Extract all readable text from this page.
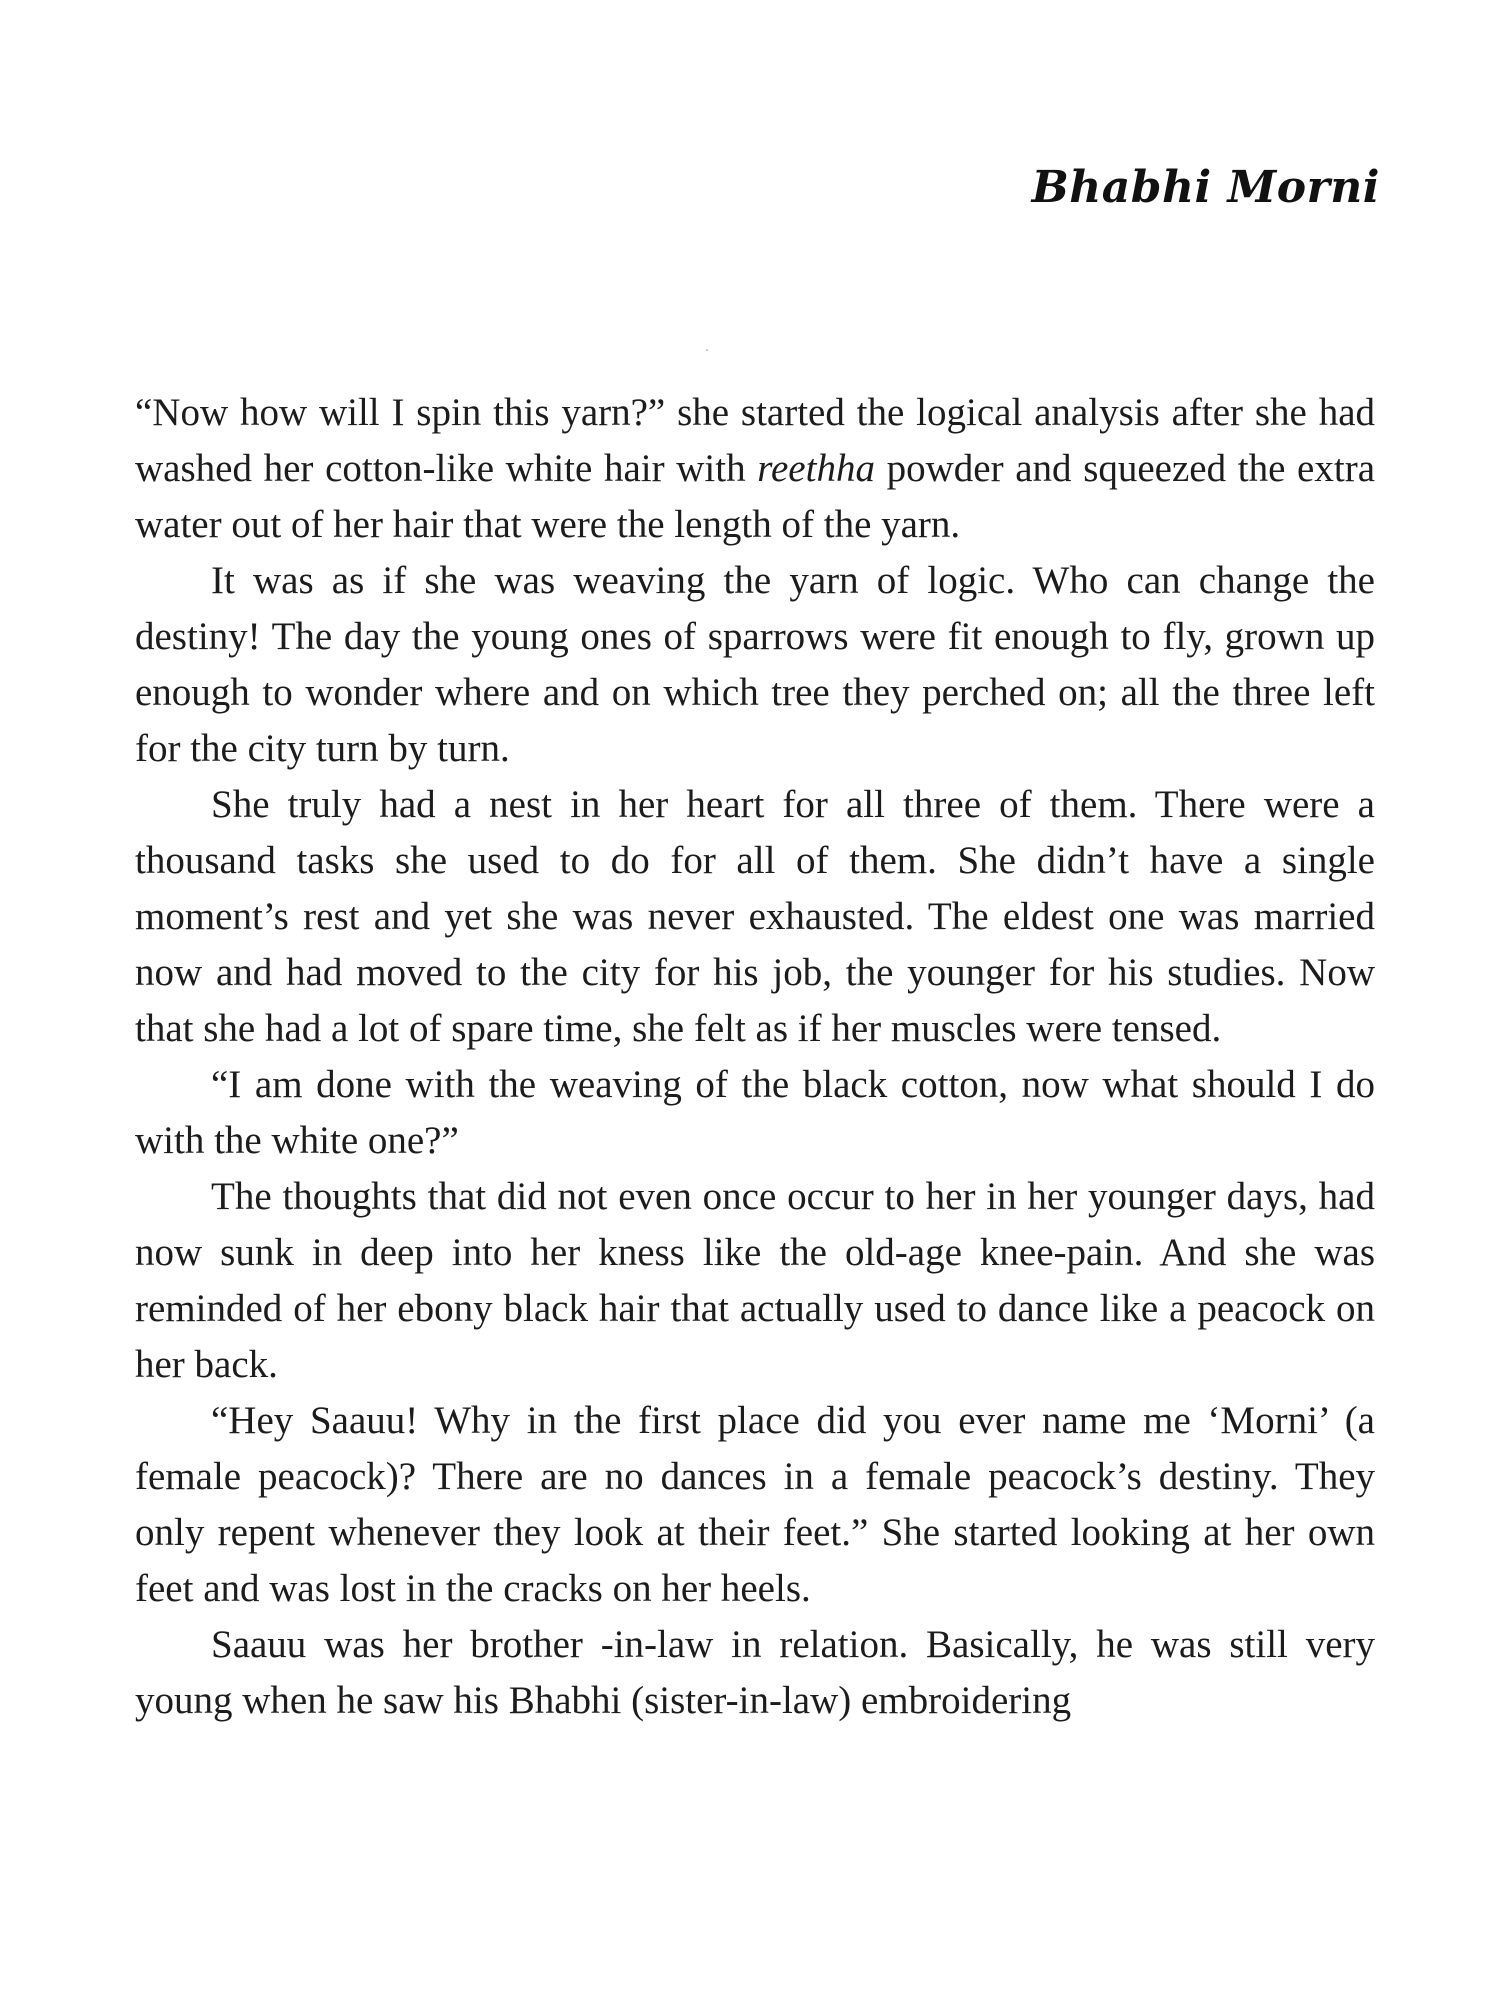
Bhabhi Morni

“Now how will I spin this yarn?” she started the logical analysis after she had washed her cotton-like white hair with reethha powder and squeezed the extra water out of her hair that were the length of the yarn.

It was as if she was weaving the yarn of logic. Who can change the destiny! The day the young ones of sparrows were fit enough to fly, grown up enough to wonder where and on which tree they perched on; all the three left for the city turn by turn.

She truly had a nest in her heart for all three of them. There were a thousand tasks she used to do for all of them. She didn’t have a single moment’s rest and yet she was never exhausted. The eldest one was married now and had moved to the city for his job, the younger for his studies. Now that she had a lot of spare time, she felt as if her muscles were tensed.

“I am done with the weaving of the black cotton, now what should I do with the white one?”

The thoughts that did not even once occur to her in her younger days, had now sunk in deep into her kness like the old-age knee-pain. And she was reminded of her ebony black hair that actually used to dance like a peacock on her back.

“Hey Saauu! Why in the first place did you ever name me ‘Morni’ (a female peacock)? There are no dances in a female peacock’s destiny. They only repent whenever they look at their feet.” She started looking at her own feet and was lost in the cracks on her heels.

Saauu was her brother -in-law in relation. Basically, he was still very young when he saw his Bhabhi (sister-in-law) embroidering
